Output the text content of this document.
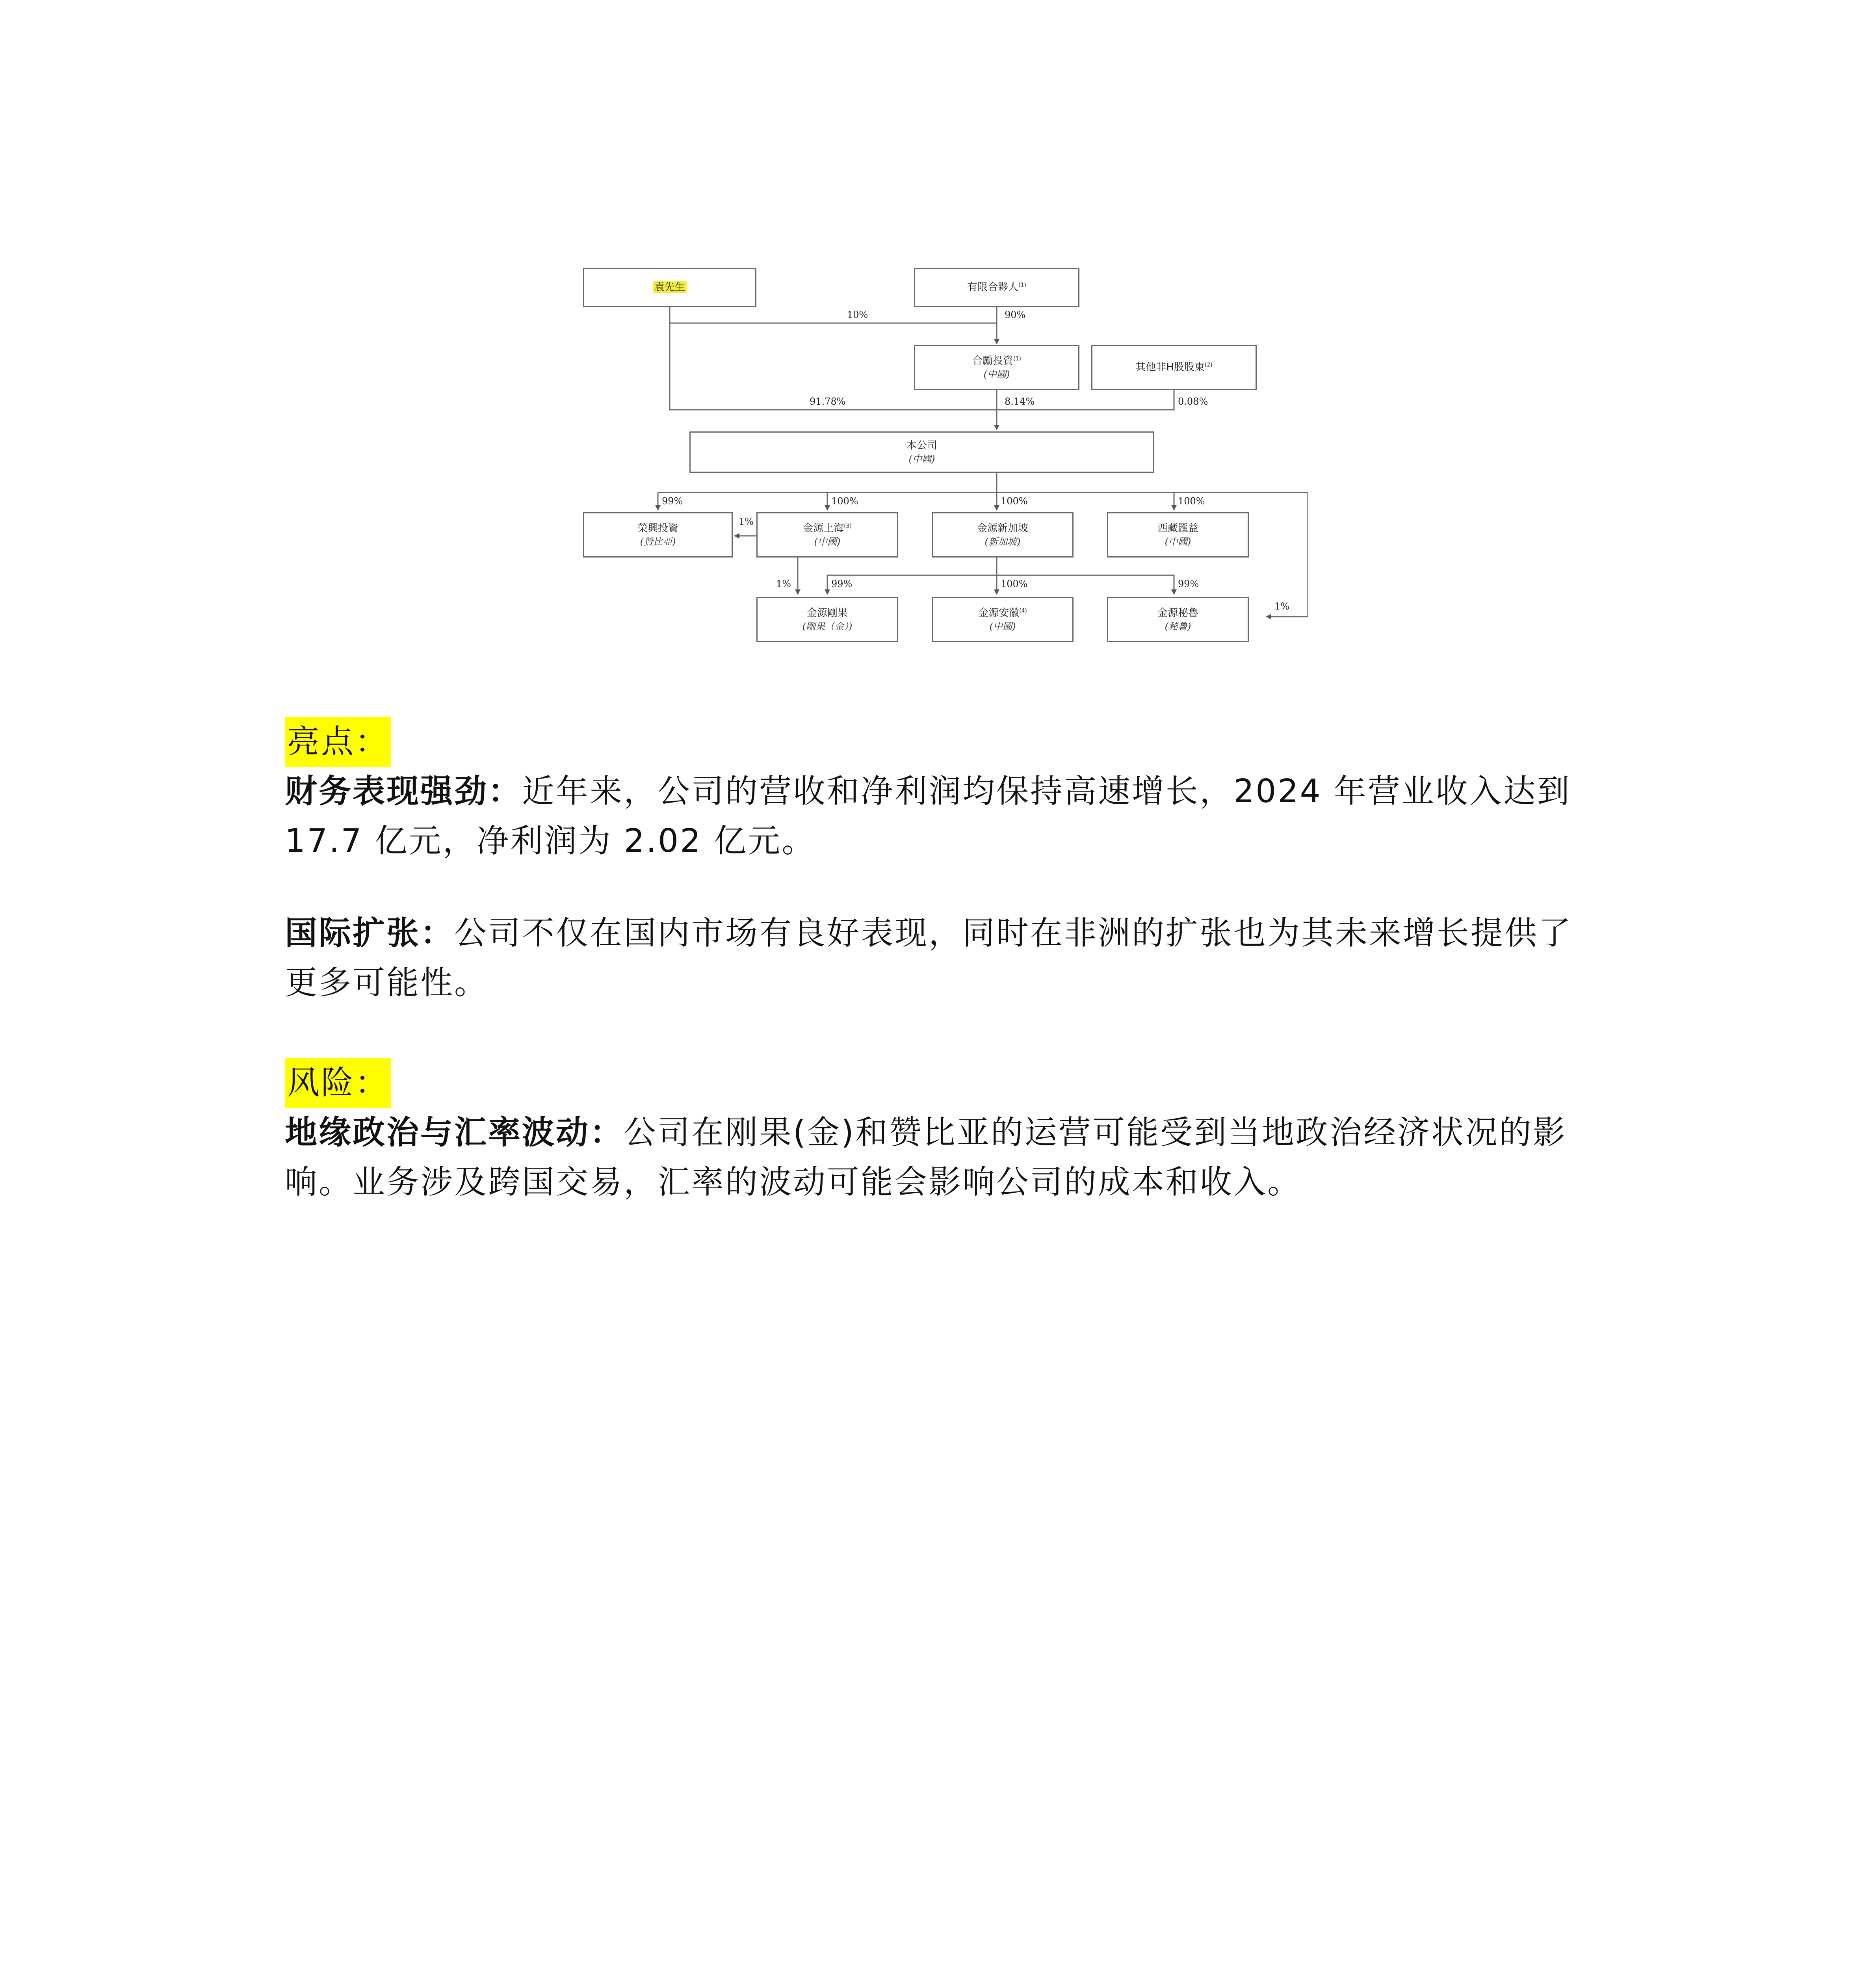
袁先生	有限合夥人$^{(1)}$
合勵投資$^{(1)}$
(中國)
其他非H股股東$^{(2)}$
本公司
(中國)
榮興投資
(贊比亞)
金源上海$^{(3)}$
(中國)
金源新加坡
(新加坡)
西藏匯益
(中國)
金源剛果
(剛果（金）)
金源安徽$^{(4)}$
(中國)
金源秘魯
(秘魯)
10%	90%
91.78%	8.14%	0.08%
99%
1%
100%	100%	100%
1%	99%	100%	99%
1%
亮点：
财务表现强劲：近年来，公司的营收和净利润均保持高速增长，2024 年营业收入达到 17.7 亿元，净利润为 2.02 亿元。
国际扩张：公司不仅在国内市场有良好表现，同时在非洲的扩张也为其未来增长提供了更多可能性。
风险：
地缘政治与汇率波动：公司在刚果(金)和赞比亚的运营可能受到当地政治经济状况的影响。业务涉及跨国交易，汇率的波动可能会影响公司的成本和收入。
